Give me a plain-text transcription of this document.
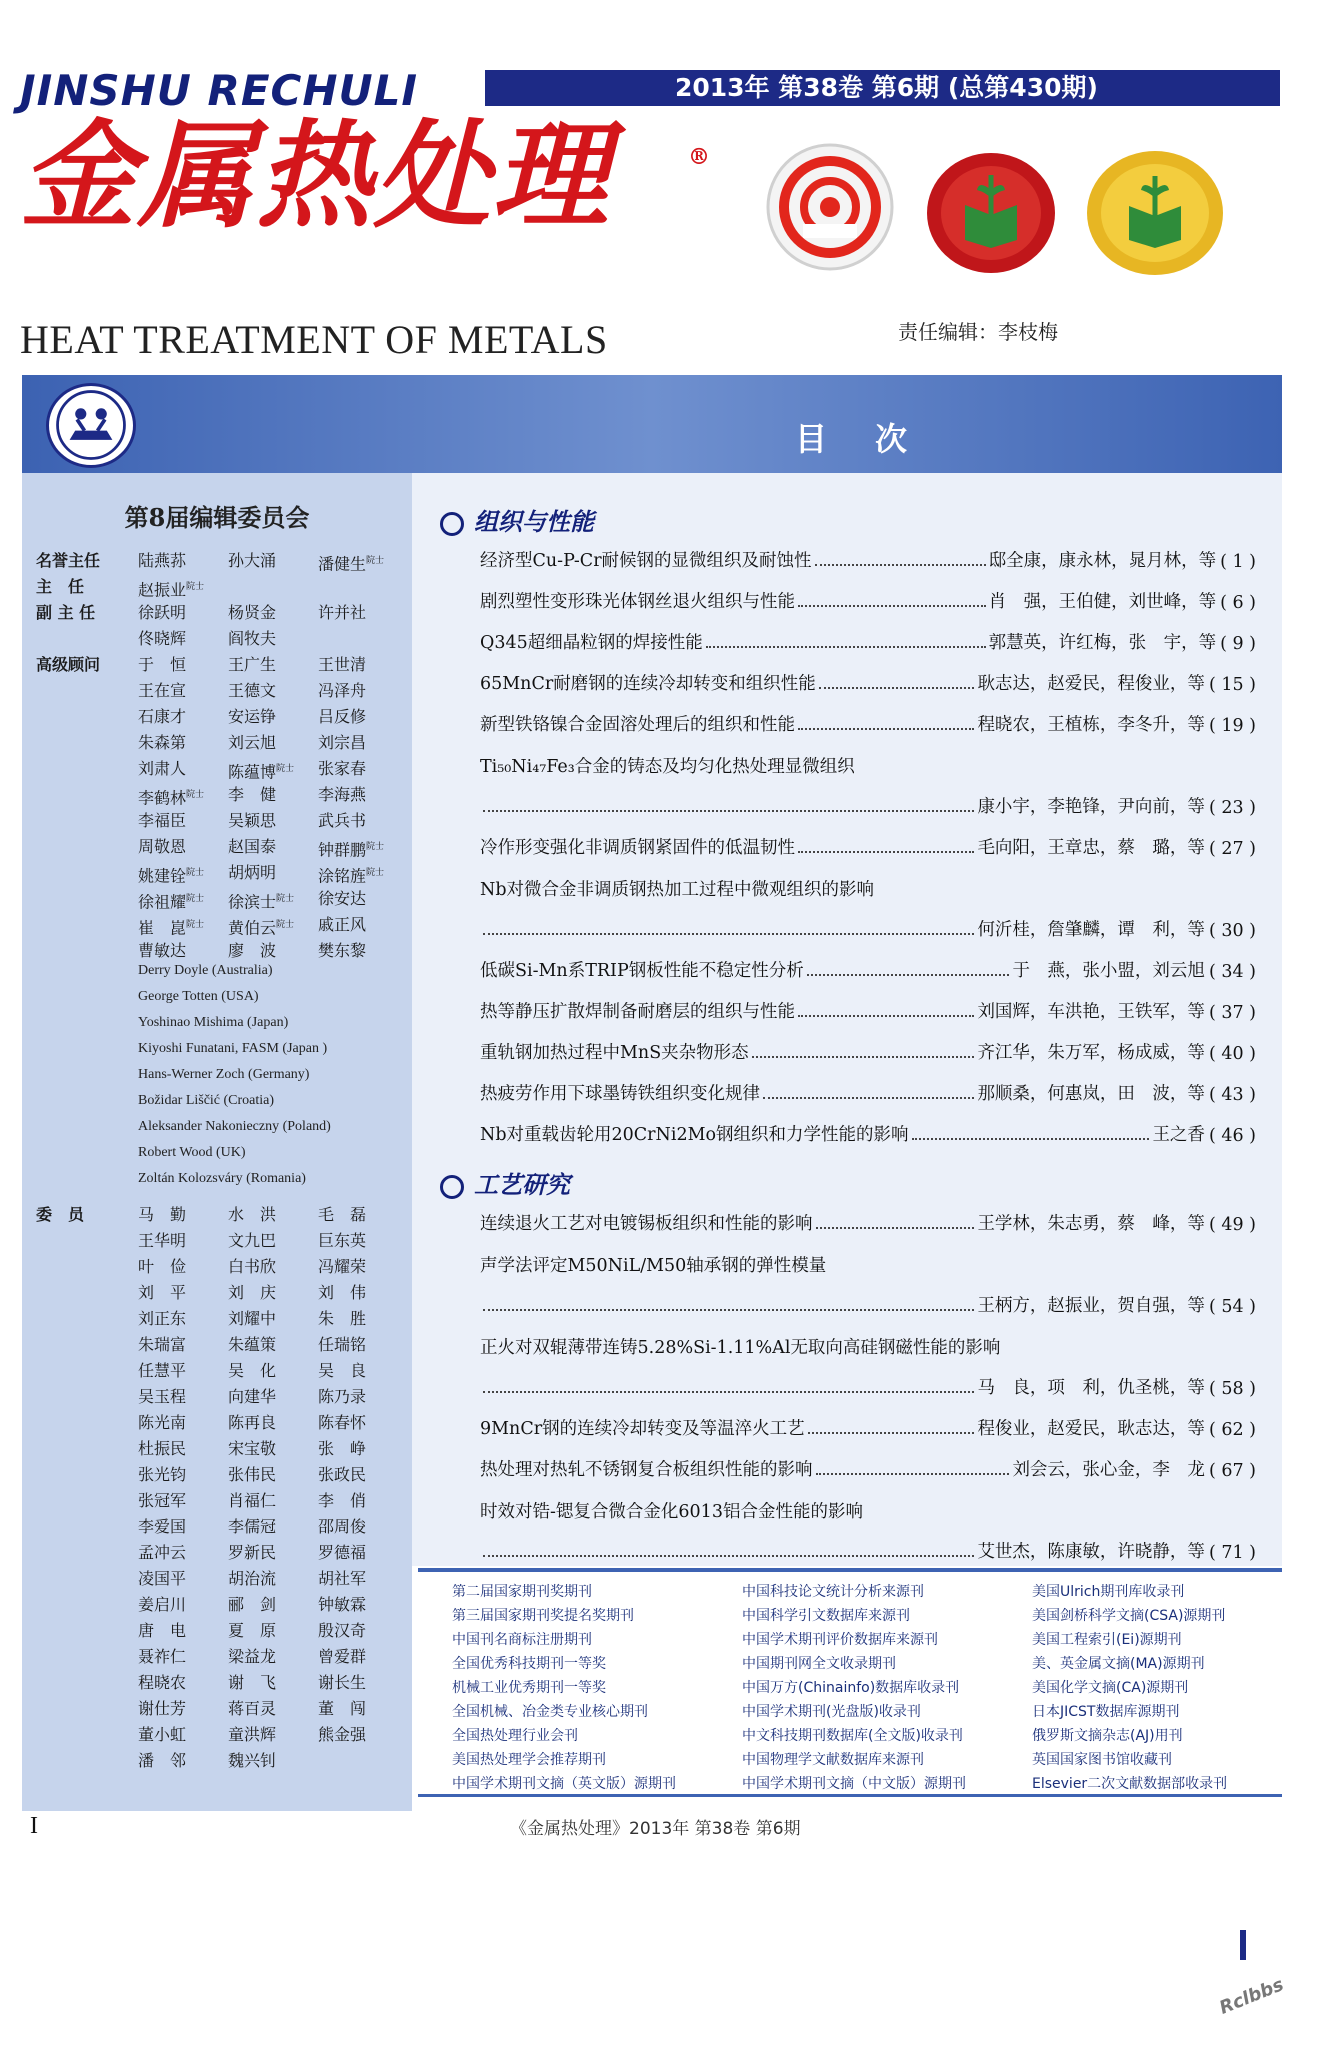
JINSHU RECHULI	2013年 第38卷 第6期 (总第430期)
金属热处理	®
HEAT TREATMENT OF METALS	责任编辑：李枝梅
目次
第8届编辑委员会
名誉主任	陆燕荪	孙大涌	潘健生$^{院士}$
主　任	赵振业$^{院士}$
副 主 任	徐跃明	杨贤金	许并社
佟晓辉	阎牧夫
高级顾问	于　恒	王广生	王世清
王在宣	王德文	冯泽舟
石康才	安运铮	吕反修
朱森第	刘云旭	刘宗昌
刘肃人	陈蕴博$^{院士}$	张家春
李鹤林$^{院士}$	李　健	李海燕
李福臣	吴颖思	武兵书
周敬恩	赵国泰	钟群鹏$^{院士}$
姚建铨$^{院士}$	胡炳明	涂铭旌$^{院士}$
徐祖耀$^{院士}$	徐滨士$^{院士}$	徐安达
崔　崑$^{院士}$	黄伯云$^{院士}$	戚正风
曹敏达	廖　波	樊东黎
Derry Doyle (Australia)
George Totten (USA)
Yoshinao Mishima (Japan)
Kiyoshi Funatani, FASM (Japan )
Hans-Werner Zoch (Germany)
Božidar Liščić (Croatia)
Aleksander Nakonieczny (Poland)
Robert Wood (UK)
Zoltán Kolozsváry (Romania)
委　员	马　勤	水　洪	毛　磊
王华明	文九巴	巨东英
叶　俭	白书欣	冯耀荣
刘　平	刘　庆	刘　伟
刘正东	刘耀中	朱　胜
朱瑞富	朱蕴策	任瑞铭
任慧平	吴　化	吴　良
吴玉程	向建华	陈乃录
陈光南	陈再良	陈春怀
杜振民	宋宝敬	张　峥
张光钧	张伟民	张政民
张冠军	肖福仁	李　俏
李爱国	李儒冠	邵周俊
孟冲云	罗新民	罗德福
凌国平	胡治流	胡社军
姜启川	郦　剑	钟敏霖
唐　电	夏　原	殷汉奇
聂祚仁	梁益龙	曾爱群
程晓农	谢　飞	谢长生
谢仕芳	蒋百灵	董　闯
董小虹	童洪辉	熊金强
潘　邻	魏兴钊
组织与性能
经济型Cu-P-Cr耐候钢的显微组织及耐蚀性	邸全康，康永林，晁月林，等 ( 1 )
剧烈塑性变形珠光体钢丝退火组织与性能	肖　强，王伯健，刘世峰，等 ( 6 )
Q345超细晶粒钢的焊接性能	郭慧英，许红梅，张　宇，等 ( 9 )
65MnCr耐磨钢的连续冷却转变和组织性能	耿志达，赵爱民，程俊业，等 ( 15 )
新型铁铬镍合金固溶处理后的组织和性能	程晓农，王植栋，李冬升，等 ( 19 )
Ti₅₀Ni₄₇Fe₃合金的铸态及均匀化热处理显微组织
康小宇，李艳锋，尹向前，等 ( 23 )
冷作形变强化非调质钢紧固件的低温韧性	毛向阳，王章忠，蔡　璐，等 ( 27 )
Nb对微合金非调质钢热加工过程中微观组织的影响
何沂桂，詹肇麟，谭　利，等 ( 30 )
低碳Si-Mn系TRIP钢板性能不稳定性分析	于　燕，张小盟，刘云旭 ( 34 )
热等静压扩散焊制备耐磨层的组织与性能	刘国辉，车洪艳，王铁军，等 ( 37 )
重轨钢加热过程中MnS夹杂物形态	齐江华，朱万军，杨成威，等 ( 40 )
热疲劳作用下球墨铸铁组织变化规律	那顺桑，何惠岚，田　波，等 ( 43 )
Nb对重载齿轮用20CrNi2Mo钢组织和力学性能的影响	王之香 ( 46 )
工艺研究
连续退火工艺对电镀锡板组织和性能的影响	王学林，朱志勇，蔡　峰，等 ( 49 )
声学法评定M50NiL/M50轴承钢的弹性模量
王柄方，赵振业，贺自强，等 ( 54 )
正火对双辊薄带连铸5.28%Si-1.11%Al无取向高硅钢磁性能的影响
马　良，项　利，仇圣桃，等 ( 58 )
9MnCr钢的连续冷却转变及等温淬火工艺	程俊业，赵爱民，耿志达，等 ( 62 )
热处理对热轧不锈钢复合板组织性能的影响	刘会云，张心金，李　龙 ( 67 )
时效对锆-锶复合微合金化6013铝合金性能的影响
艾世杰，陈康敏，许晓静，等 ( 71 )
第二届国家期刊奖期刊
第三届国家期刊奖提名奖期刊
中国刊名商标注册期刊
全国优秀科技期刊一等奖
机械工业优秀期刊一等奖
全国机械、冶金类专业核心期刊
全国热处理行业会刊
美国热处理学会推荐期刊
中国学术期刊文摘（英文版）源期刊
中国科技论文统计分析来源刊
中国科学引文数据库来源刊
中国学术期刊评价数据库来源刊
中国期刊网全文收录期刊
中国万方(Chinainfo)数据库收录刊
中国学术期刊(光盘版)收录刊
中文科技期刊数据库(全文版)收录刊
中国物理学文献数据库来源刊
中国学术期刊文摘（中文版）源期刊
美国Ulrich期刊库收录刊
美国剑桥科学文摘(CSA)源期刊
美国工程索引(Ei)源期刊
美、英金属文摘(MA)源期刊
美国化学文摘(CA)源期刊
日本JICST数据库源期刊
俄罗斯文摘杂志(AJ)用刊
英国国家图书馆收藏刊
Elsevier二次文献数据部收录刊
I	《金属热处理》2013年 第38卷 第6期
Rclbbs
